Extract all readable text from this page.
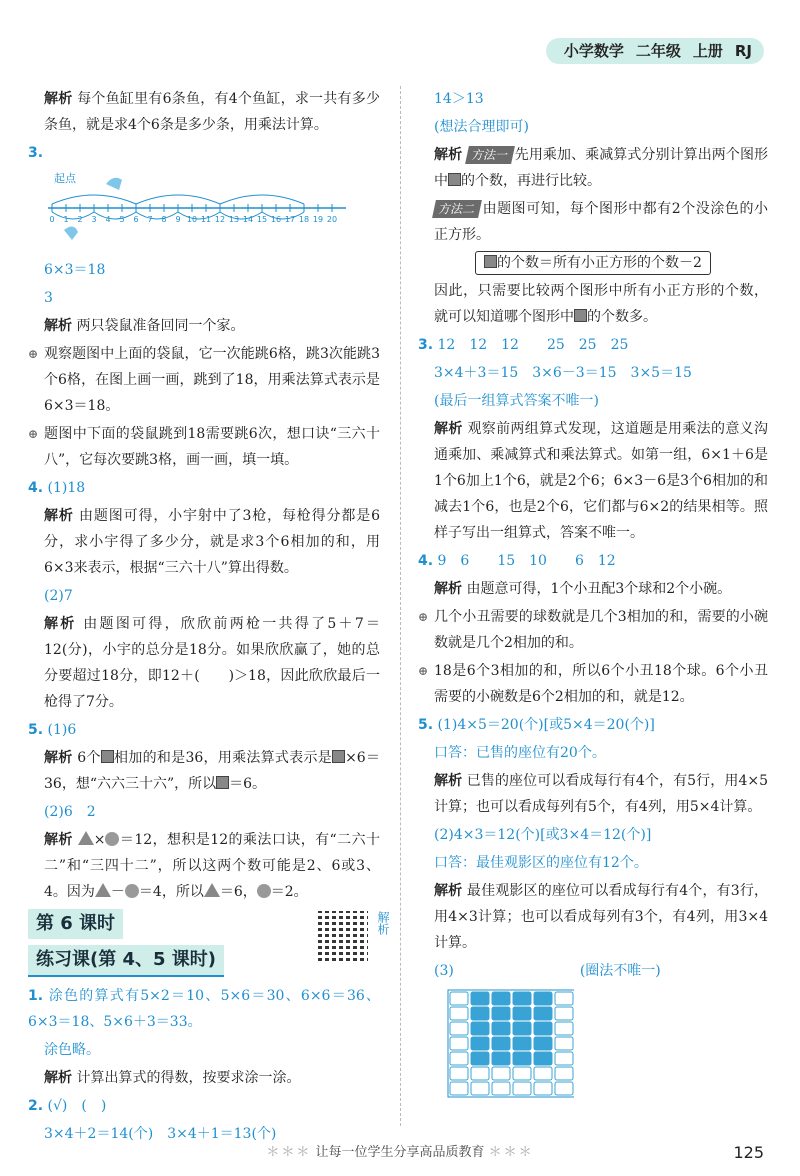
小学数学 二年级 上册 RJ

解析 每个鱼缸里有6条鱼，有4个鱼缸，求一共有多少条鱼，就是求4个6条是多少条，用乘法计算。

3.
起点
0 1 2 3 4 5 6 7 8 9 10 11 12 13 14 15 16 17 18 19 20

6×3＝18

3

解析 两只袋鼠准备回同一个家。

⊕ 观察题图中上面的袋鼠，它一次能跳6格，跳3次能跳3个6格，在图上画一画，跳到了18，用乘法算式表示是6×3＝18。
⊕ 题图中下面的袋鼠跳到18需要跳6次，想口诀“三六十八”，它每次要跳3格，画一画，填一填。

4. (1)18

解析 由题图可得，小宇射中了3枪，每枪得分都是6分，求小宇得了多少分，就是求3个6相加的和，用6×3来表示，根据“三六十八”算出得数。

(2)7

解析 由题图可得，欣欣前两枪一共得了5＋7＝12(分)，小宇的总分是18分。如果欣欣赢了，她的总分要超过18分，即12＋(　　)＞18，因此欣欣最后一枪得了7分。

5. (1)6

解析 6个 相加的和是36，用乘法算式表示是 ×6＝36，想“六六三十六”，所以 ＝6。

(2)6　2

解析 × ＝12，想积是12的乘法口诀，有“二六十二”和“三四十二”，所以这两个数可能是2、6或3、4。因为 － ＝4，所以 ＝6， ＝2。

第 6 课时
练习课(第 4、5 课时)
解析

1. 涂色的算式有5×2＝10、5×6＝30、6×6＝36、6×3＝18、5×6＋3＝33。

涂色略。

解析 计算出算式的得数，按要求涂一涂。

2. (√)　(　)

3×4＋2＝14(个)　3×4＋1＝13(个)

14＞13

(想法合理即可)

解析 方法一 先用乘加、乘减算式分别计算出两个图形中 的个数，再进行比较。

方法二 由题图可知，每个图形中都有2个没涂色的小正方形。

的个数＝所有小正方形的个数－2

因此，只需要比较两个图形中所有小正方形的个数，就可以知道哪个图形中 的个数多。

3. 12　12　12　　25　25　25

3×4＋3＝15　3×6－3＝15　3×5＝15

(最后一组算式答案不唯一)

解析 观察前两组算式发现，这道题是用乘法的意义沟通乘加、乘减算式和乘法算式。如第一组，6×1＋6是1个6加上1个6，就是2个6；6×3－6是3个6相加的和减去1个6，也是2个6，它们都与6×2的结果相等。照样子写出一组算式，答案不唯一。

4. 9　6　　15　10　　6　12

解析 由题意可得，1个小丑配3个球和2个小碗。

⊕ 几个小丑需要的球数就是几个3相加的和，需要的小碗数就是几个2相加的和。
⊕ 18是6个3相加的和，所以6个小丑18个球。6个小丑需要的小碗数是6个2相加的和，就是12。

5. (1)4×5＝20(个)[或5×4＝20(个)]

口答：已售的座位有20个。

解析 已售的座位可以看成每行有4个，有5行，用4×5计算；也可以看成每列有5个，有4列，用5×4计算。

(2)4×3＝12(个)[或3×4＝12(个)]

口答：最佳观影区的座位有12个。

解析 最佳观影区的座位可以看成每行有4个，有3行，用4×3计算；也可以看成每列有3个，有4列，用3×4计算。

(3)	(圈法不唯一)

＊＊＊ 让每一位学生分享高品质教育 ＊＊＊	125
